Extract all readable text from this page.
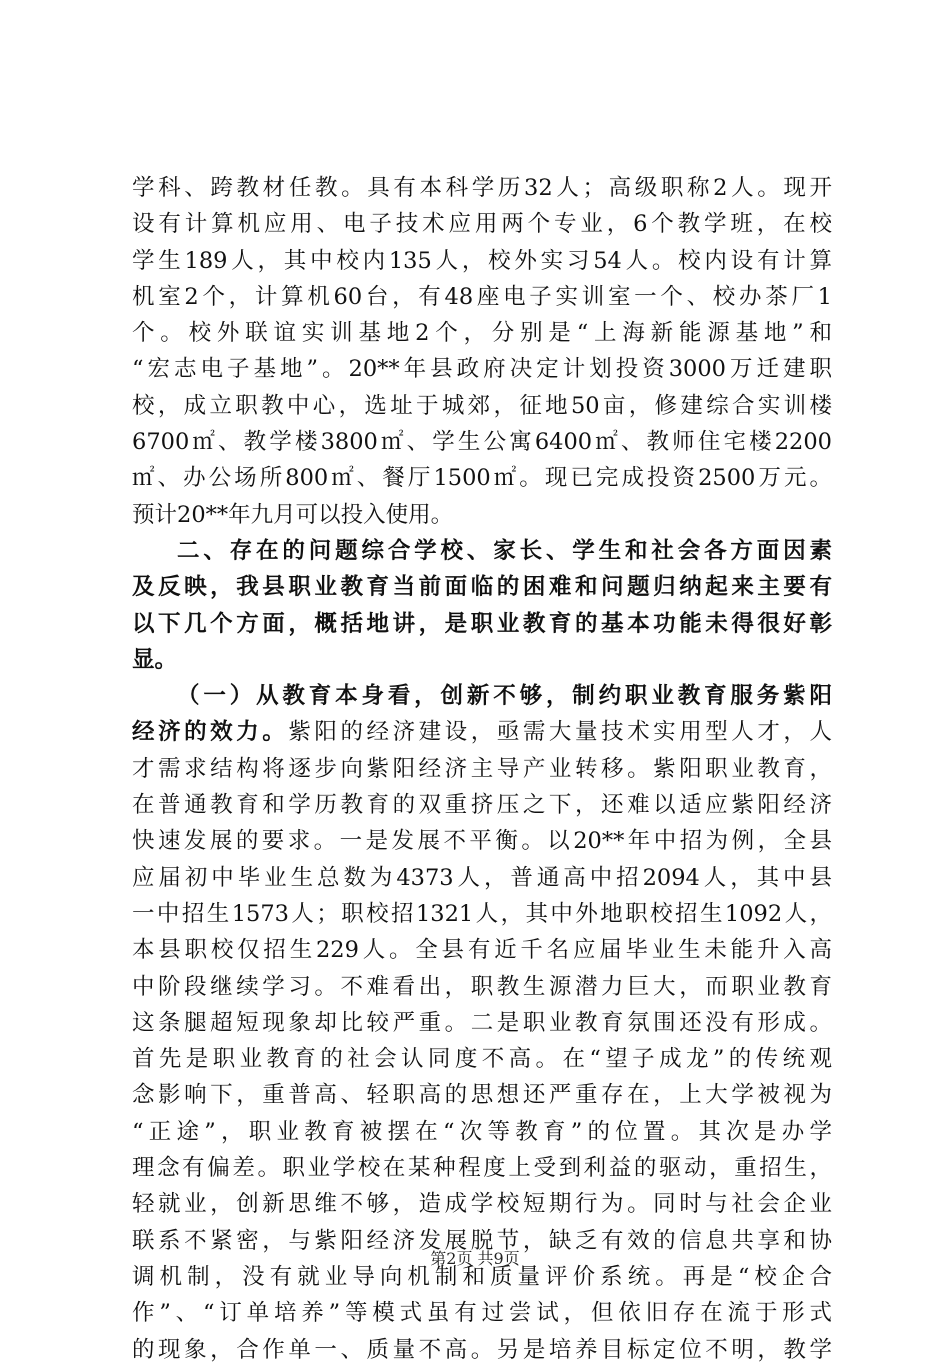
学科、跨教材任教。具有本科学历32人；高级职称2人。现开
设有计算机应用、电子技术应用两个专业，6个教学班，在校
学生189人，其中校内135人，校外实习54人。校内设有计算
机室2个，计算机60台，有48座电子实训室一个、校办茶厂1
个。校外联谊实训基地2个，分别是“上海新能源基地”和
“宏志电子基地”。20**年县政府决定计划投资3000万迁建职
校，成立职教中心，选址于城郊，征地50亩，修建综合实训楼
6700㎡、教学楼3800㎡、学生公寓6400㎡、教师住宅楼2200
㎡、办公场所800㎡、餐厅1500㎡。现已完成投资2500万元。
预计20**年九月可以投入使用。
二、存在的问题综合学校、家长、学生和社会各方面因素
及反映，我县职业教育当前面临的困难和问题归纳起来主要有
以下几个方面，概括地讲，是职业教育的基本功能未得很好彰
显。
（一）从教育本身看，创新不够，制约职业教育服务紫阳
经济的效力。紫阳的经济建设，亟需大量技术实用型人才，人
才需求结构将逐步向紫阳经济主导产业转移。紫阳职业教育，
在普通教育和学历教育的双重挤压之下，还难以适应紫阳经济
快速发展的要求。一是发展不平衡。以20**年中招为例，全县
应届初中毕业生总数为4373人，普通高中招2094人，其中县
一中招生1573人；职校招1321人，其中外地职校招生1092人，
本县职校仅招生229人。全县有近千名应届毕业生未能升入高
中阶段继续学习。不难看出，职教生源潜力巨大，而职业教育
这条腿超短现象却比较严重。二是职业教育氛围还没有形成。
首先是职业教育的社会认同度不高。在“望子成龙”的传统观
念影响下，重普高、轻职高的思想还严重存在，上大学被视为
“正途”，职业教育被摆在“次等教育”的位置。其次是办学
理念有偏差。职业学校在某种程度上受到利益的驱动，重招生，
轻就业，创新思维不够，造成学校短期行为。同时与社会企业
联系不紧密，与紫阳经济发展脱节，缺乏有效的信息共享和协
调机制，没有就业导向机制和质量评价系统。再是“校企合
作”、“订单培养”等模式虽有过尝试，但依旧存在流于形式
的现象，合作单一、质量不高。另是培养目标定位不明，教学
第2页 共9页
